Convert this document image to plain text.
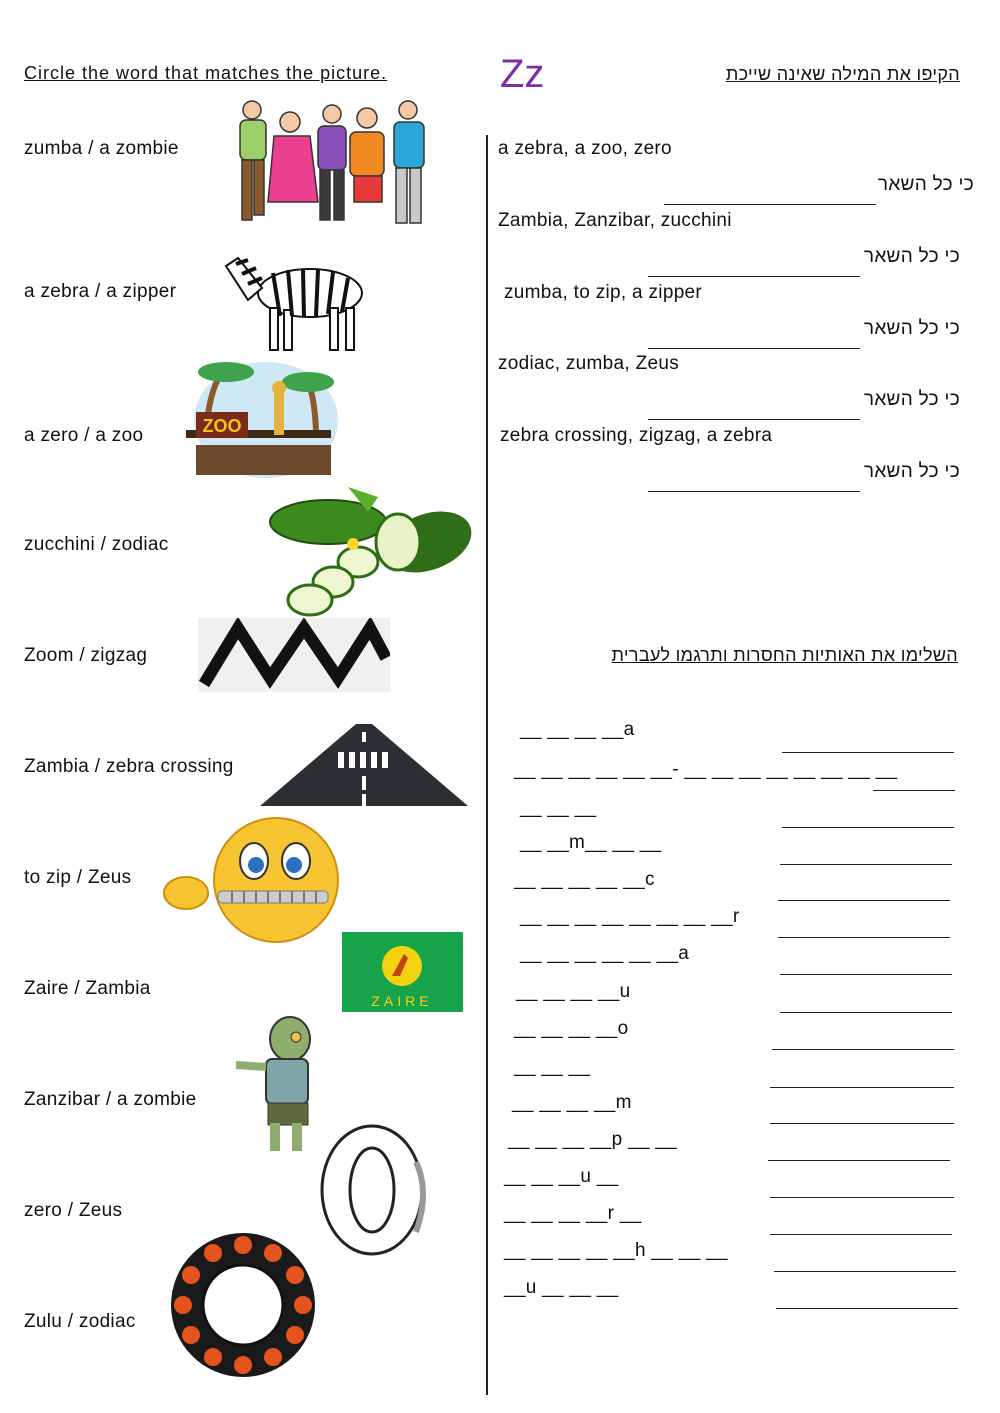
Circle the word that matches the picture.	Zz	הקיפו את המילה שאינה שייכת
zumba / a zombie
a zebra / a zipper
a zero / a zoo
zucchini / zodiac
Zoom / zigzag
Zambia / zebra crossing
to zip / Zeus
Zaire / Zambia
Zanzibar / a zombie
zero / Zeus
Zulu / zodiac
ZOO
ZAIRE
a zebra, a zoo, zero
כי כל השאר
Zambia, Zanzibar, zucchini
כי כל השאר
zumba, to zip, a zipper
כי כל השאר
zodiac, zumba, Zeus
כי כל השאר
zebra crossing, zigzag, a zebra
כי כל השאר
השלימו את האותיות החסרות ותרגמו לעברית
__ __ __ __a
__ __ __ __ __ __- __ __ __ __ __ __ __ __
__ __ __
__ __m__ __ __
__ __ __ __ __c
__ __ __ __ __ __ __ __r
__ __ __ __ __ __a
__ __ __ __u
__ __ __ __o
__ __ __
__ __ __ __m
__ __ __ __p __ __
__ __ __u __
__ __ __ __r __
__ __ __ __ __h __ __ __
__u __ __ __
